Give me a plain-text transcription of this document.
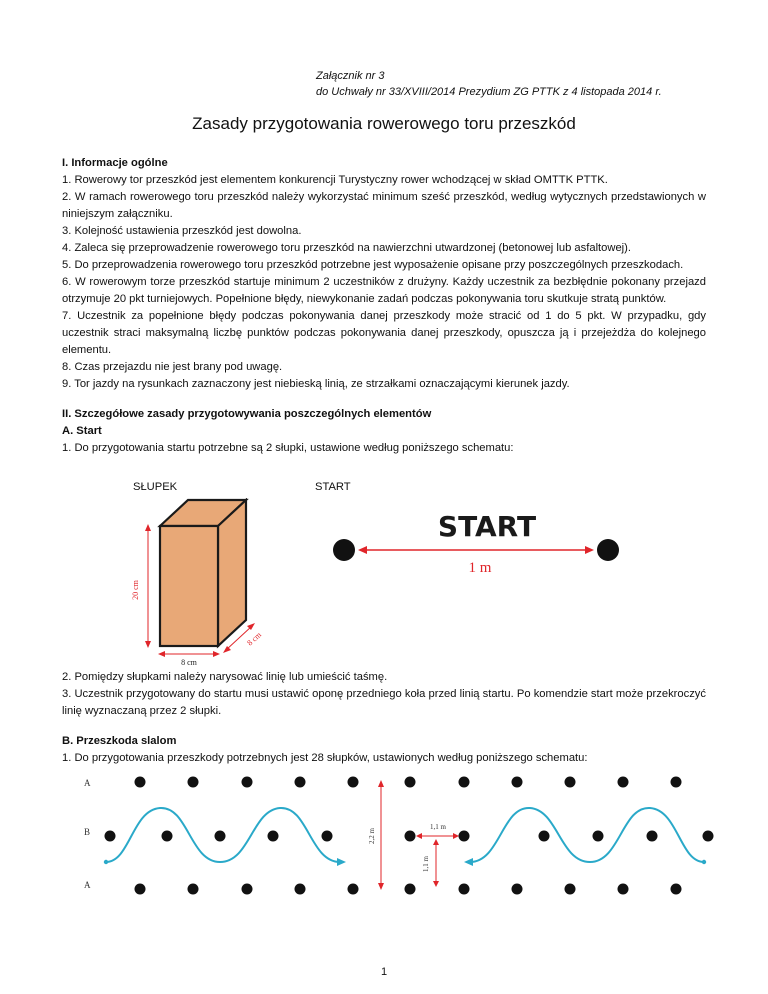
Załącznik nr 3
do Uchwały nr 33/XVIII/2014 Prezydium ZG PTTK z 4 listopada 2014 r.
Zasady przygotowania rowerowego toru przeszkód

I. Informacje ogólne

1. Rowerowy tor przeszkód jest elementem konkurencji Turystyczny rower wchodzącej w skład OMTTK PTTK.

2. W ramach rowerowego toru przeszkód należy wykorzystać minimum sześć przeszkód, według wytycznych przedstawionych w niniejszym załączniku.

3. Kolejność ustawienia przeszkód jest dowolna.

4. Zaleca się przeprowadzenie rowerowego toru przeszkód na nawierzchni utwardzonej (betonowej lub asfaltowej).

5. Do przeprowadzenia rowerowego toru przeszkód potrzebne jest wyposażenie opisane przy poszczególnych przeszkodach.

6. W rowerowym torze przeszkód startuje minimum 2 uczestników z drużyny. Każdy uczestnik za bezbłędnie pokonany przejazd otrzymuje 20 pkt turniejowych. Popełnione błędy, niewykonanie zadań podczas pokonywania toru skutkuje stratą punktów.

7. Uczestnik za popełnione błędy podczas pokonywania danej przeszkody może stracić od 1 do 5 pkt. W przypadku, gdy uczestnik straci maksymalną liczbę punktów podczas pokonywania danej przeszkody, opuszcza ją i przejeżdża do kolejnego elementu.

8. Czas przejazdu nie jest brany pod uwagę.

9. Tor jazdy na rysunkach zaznaczony jest niebieską linią, ze strzałkami oznaczającymi kierunek jazdy.

II. Szczegółowe zasady przygotowywania poszczególnych elementów

A. Start

1. Do przygotowania startu potrzebne są 2 słupki, ustawione według poniższego schematu:

SŁUPEK	START
20 cm
8 cm
8 cm
START
1 m

2. Pomiędzy słupkami należy narysować linię lub umieścić taśmę.

3. Uczestnik przygotowany do startu musi ustawić oponę przedniego koła przed linią startu. Po komendzie start może przekroczyć linię wyznaczaną przez 2 słupki.

B. Przeszkoda slalom

1. Do przygotowania przeszkody potrzebnych jest 28 słupków, ustawionych według poniższego schematu:

A
B
A
2,2 m
1,1 m
1,1 m
1
